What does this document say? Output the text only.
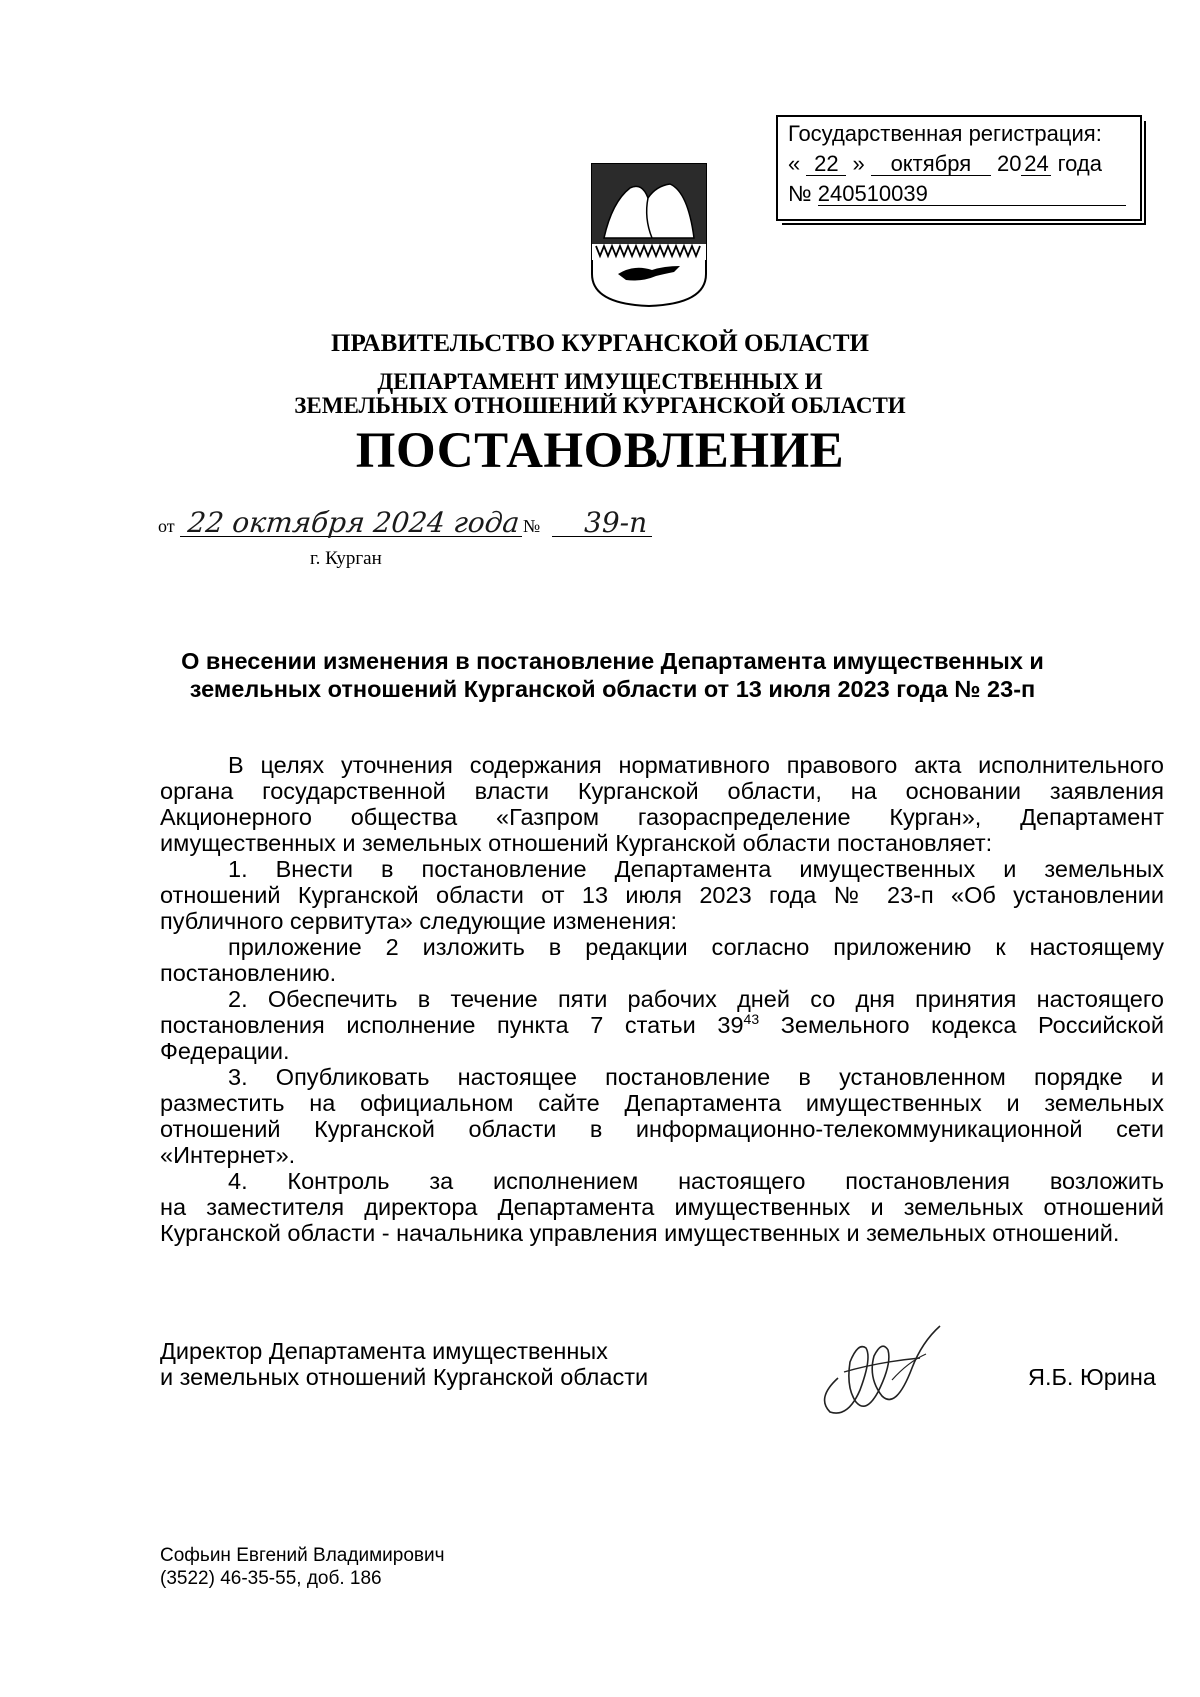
Государственная регистрация:
« 22 » октября 20 24 года
№ 240510039
ПРАВИТЕЛЬСТВО КУРГАНСКОЙ ОБЛАСТИ
ДЕПАРТАМЕНТ ИМУЩЕСТВЕННЫХ И
ЗЕМЕЛЬНЫХ ОТНОШЕНИЙ КУРГАНСКОЙ ОБЛАСТИ
ПОСТАНОВЛЕНИЕ
от 22 октября 2024 года № 39-п
г. Курган
О внесении изменения в постановление Департамента имущественных и
земельных отношений Курганской области от 13 июля 2023 года № 23-п
В целях уточнения содержания нормативного правового акта исполнительного
органа государственной власти Курганской области, на основании заявления
Акционерного общества «Газпром газораспределение Курган», Департамент
имущественных и земельных отношений Курганской области постановляет:
1. Внести в постановление Департамента имущественных и земельных
отношений Курганской области от 13 июля 2023 года № 23-п «Об установлении
публичного сервитута» следующие изменения:
приложение 2 изложить в редакции согласно приложению к настоящему
постановлению.
2. Обеспечить в течение пяти рабочих дней со дня принятия настоящего
постановления исполнение пункта 7 статьи $39^{43}$ Земельного кодекса Российской
Федерации.
3. Опубликовать настоящее постановление в установленном порядке и
разместить на официальном сайте Департамента имущественных и земельных
отношений Курганской области в информационно-телекоммуникационной сети
«Интернет».
4. Контроль за исполнением настоящего постановления возложить
на заместителя директора Департамента имущественных и земельных отношений
Курганской области - начальника управления имущественных и земельных отношений.
Директор Департамента имущественных
и земельных отношений Курганской области	Я.Б. Юрина
Софьин Евгений Владимирович
(3522) 46-35-55, доб. 186
